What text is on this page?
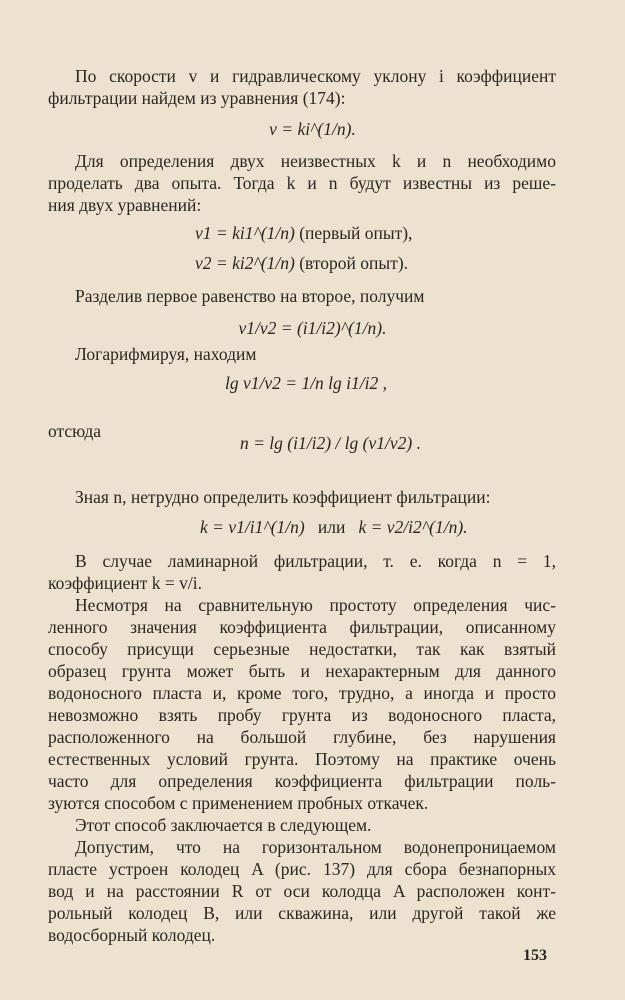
По скорости v и гидравлическому уклону i коэффициент
фильтрации найдем из уравнения (174):
v = ki^(1/n).
Для определения двух неизвестных k и n необходимо
проделать два опыта. Тогда k и n будут известны из реше-
ния двух уравнений:
v1 = ki1^(1/n) (первый опыт),
v2 = ki2^(1/n) (второй опыт).
Разделив первое равенство на второе, получим
v1/v2 = (i1/i2)^(1/n).
Логарифмируя, находим
lg v1/v2 = 1/n lg i1/i2 ,
отсюда
n = lg (i1/i2) / lg (v1/v2) .
Зная n, нетрудно определить коэффициент фильтрации:
k = v1/i1^(1/n) или k = v2/i2^(1/n).
В случае ламинарной фильтрации, т. е. когда n = 1,
коэффициент k = v/i.
Несмотря на сравнительную простоту определения чис-
ленного значения коэффициента фильтрации, описанному
способу присущи серьезные недостатки, так как взятый
образец грунта может быть и нехарактерным для данного
водоносного пласта и, кроме того, трудно, а иногда и просто
невозможно взять пробу грунта из водоносного пласта,
расположенного на большой глубине, без нарушения
естественных условий грунта. Поэтому на практике очень
часто для определения коэффициента фильтрации поль-
зуются способом с применением пробных откачек.
Этот способ заключается в следующем.
Допустим, что на горизонтальном водонепроницаемом
пласте устроен колодец A (рис. 137) для сбора безнапорных
вод и на расстоянии R от оси колодца A расположен конт-
рольный колодец B, или скважина, или другой такой же
водосборный колодец.
153
